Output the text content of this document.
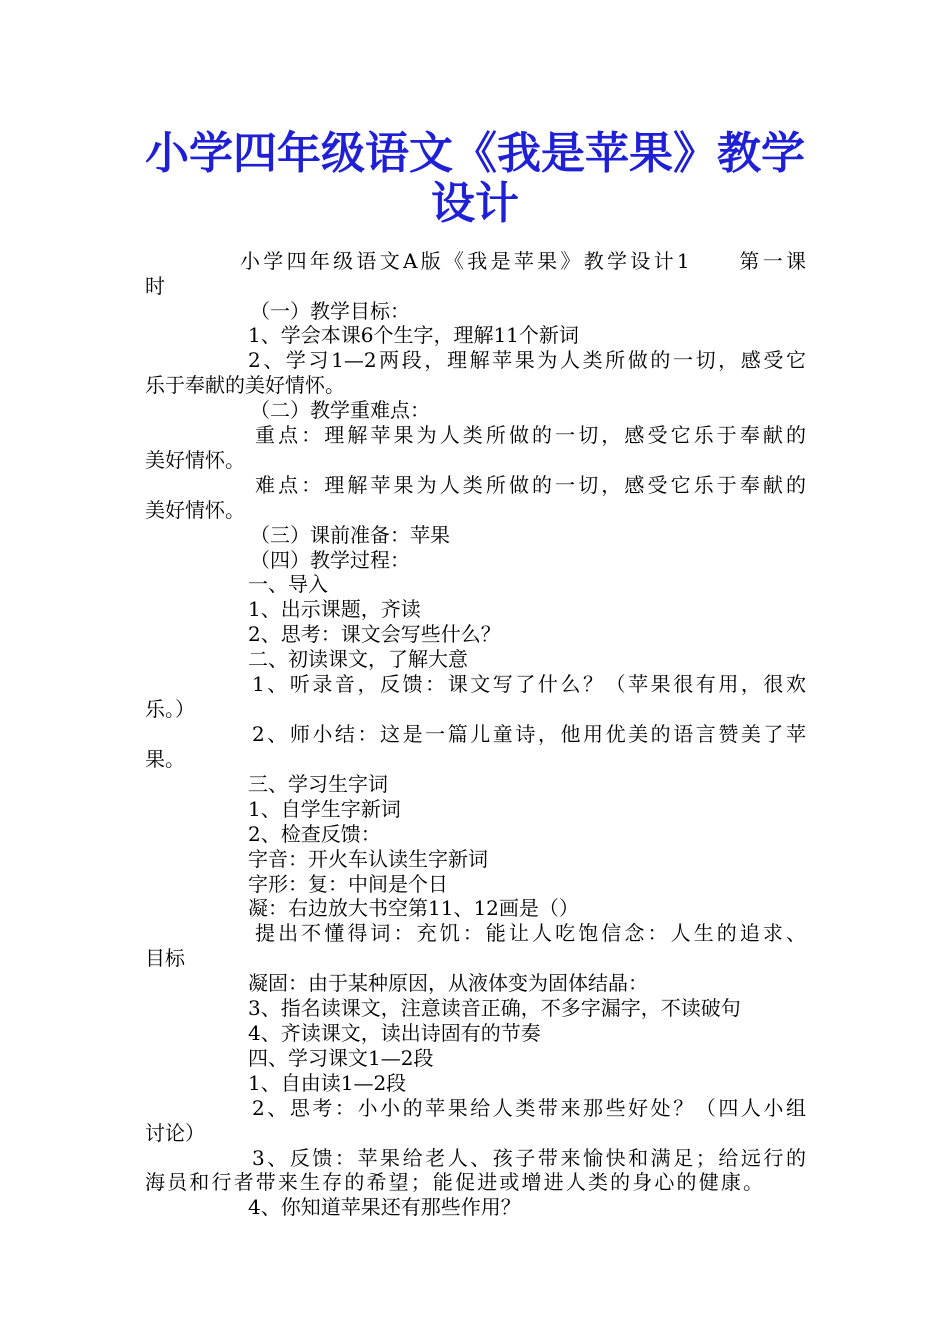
小学四年级语文《我是苹果》教学
设计
小学四年级语文A版《我是苹果》教学设计1　　第一课
时
（一）教学目标：
1、学会本课6个生字，理解11个新词
2、学习1—2两段，理解苹果为人类所做的一切，感受它
乐于奉献的美好情怀。
（二）教学重难点：
重点：理解苹果为人类所做的一切，感受它乐于奉献的
美好情怀。
难点：理解苹果为人类所做的一切，感受它乐于奉献的
美好情怀。
（三）课前准备：苹果
（四）教学过程：
一、导入
1、出示课题，齐读
2、思考：课文会写些什么？
二、初读课文，了解大意
1、听录音，反馈：课文写了什么？（苹果很有用，很欢
乐。）
2、师小结：这是一篇儿童诗，他用优美的语言赞美了苹
果。
三、学习生字词
1、自学生字新词
2、检查反馈：
字音：开火车认读生字新词
字形：复：中间是个日
凝：右边放大书空第11、12画是（）
提出不懂得词：充饥：能让人吃饱信念：人生的追求、
目标
凝固：由于某种原因，从液体变为固体结晶：
3、指名读课文，注意读音正确，不多字漏字，不读破句
4、齐读课文，读出诗固有的节奏
四、学习课文1—2段
1、自由读1—2段
2、思考：小小的苹果给人类带来那些好处？（四人小组
讨论）
3、反馈：苹果给老人、孩子带来愉快和满足；给远行的
海员和行者带来生存的希望；能促进或增进人类的身心的健康。
4、你知道苹果还有那些作用？
